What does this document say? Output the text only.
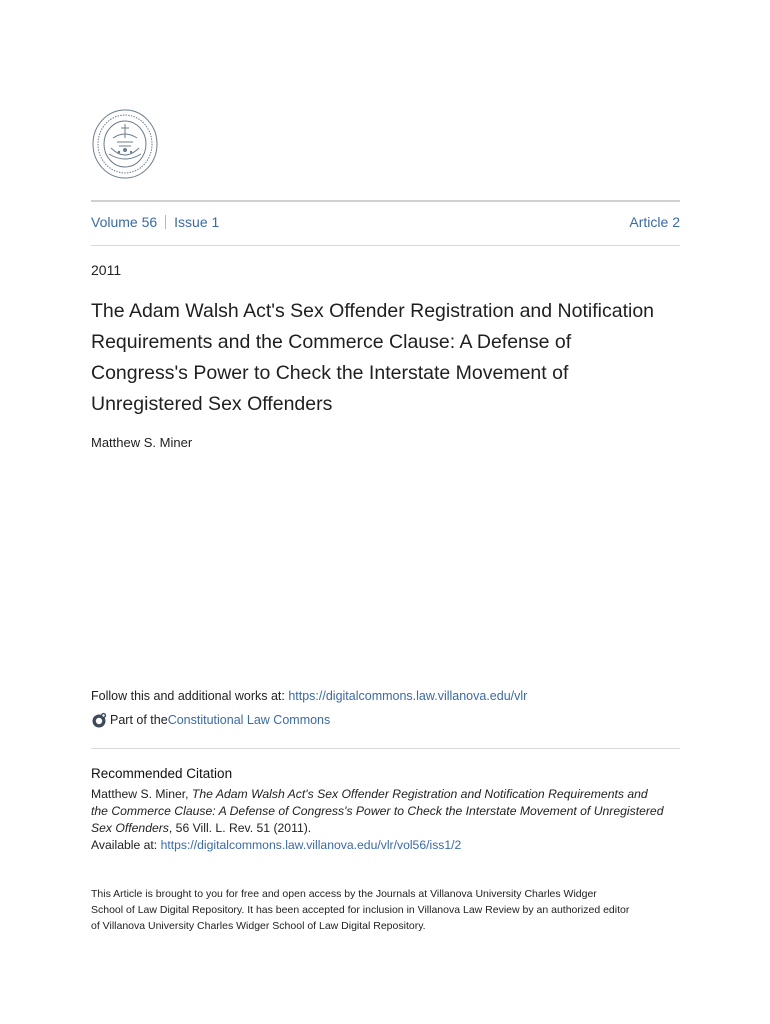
Volume 56 Issue 1	Article 2
2011
The Adam Walsh Act's Sex Offender Registration and Notification
Requirements and the Commerce Clause: A Defense of
Congress's Power to Check the Interstate Movement of
Unregistered Sex Offenders
Matthew S. Miner
Follow this and additional works at: https://digitalcommons.law.villanova.edu/vlr
Part of the Constitutional Law Commons
Recommended Citation
Matthew S. Miner, The Adam Walsh Act's Sex Offender Registration and Notification Requirements and
the Commerce Clause: A Defense of Congress's Power to Check the Interstate Movement of Unregistered
Sex Offenders, 56 Vill. L. Rev. 51 (2011).
Available at: https://digitalcommons.law.villanova.edu/vlr/vol56/iss1/2
This Article is brought to you for free and open access by the Journals at Villanova University Charles Widger
School of Law Digital Repository. It has been accepted for inclusion in Villanova Law Review by an authorized editor
of Villanova University Charles Widger School of Law Digital Repository.
